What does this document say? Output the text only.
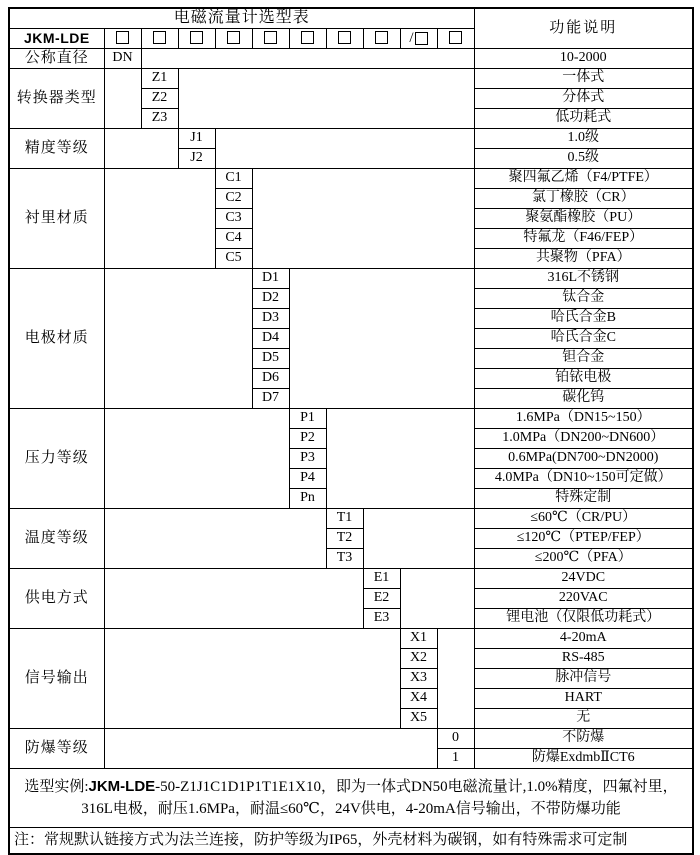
电磁流量计选型表											功能说明
JKM-LDE									/		
公称直径	DN										10-2000
转换器类型		Z1									一体式
		Z2									分体式
		Z3									低功耗式
精度等级			J1								1.0级
			J2								0.5级
衬里材质				C1							聚四氟乙烯（F4/PTFE）
				C2							氯丁橡胶（CR）
				C3							聚氨酯橡胶（PU）
				C4							特氟龙（F46/FEP）
				C5							共聚物（PFA）
电极材质					D1						316L不锈钢
					D2						钛合金
					D3						哈氏合金B
					D4						哈氏合金C
					D5						钽合金
					D6						铂铱电极
					D7						碳化钨
压力等级						P1					1.6MPa（DN15~150）
						P2					1.0MPa（DN200~DN600）
						P3					0.6MPa(DN700~DN2000)
						P4					4.0MPa（DN10~150可定做）
						Pn					特殊定制
温度等级							T1				≤60℃（CR/PU）
							T2				≤120℃（PTEP/FEP）
							T3				≤200℃（PFA）
供电方式								E1			24VDC
								E2			220VAC
								E3			锂电池（仅限低功耗式）
信号输出									X1		4-20mA
									X2		RS-485
									X3		脉冲信号
									X4		HART
									X5		无
防爆等级										0	不防爆
										1	防爆ExdmbⅡCT6

选型实例:JKM-LDE-50-Z1J1C1D1P1T1E1X10，即为一体式DN50电磁流量计,1.0%精度，四氟衬里，
316L电极，耐压1.6MPa，耐温≤60℃，24V供电，4-20mA信号输出，不带防爆功能											

注：常规默认链接方式为法兰连接，防护等级为IP65，外壳材料为碳钢，如有特殊需求可定制											
